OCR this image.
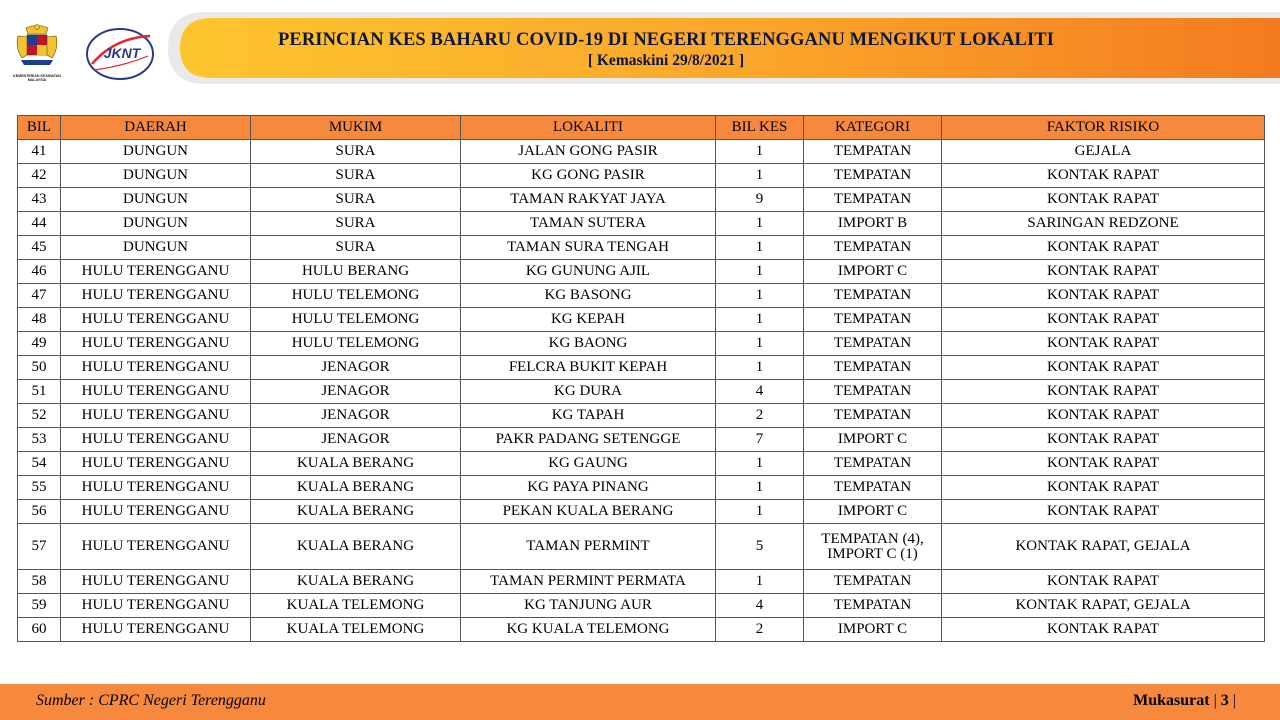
KEMENTERIAN KESIHATAN MALAYSIA
JKNT
PERINCIAN KES BAHARU COVID-19 DI NEGERI TERENGGANU MENGIKUT LOKALITI
[ Kemaskini 29/8/2021 ]
BIL	DAERAH	MUKIM	LOKALITI	BIL KES	KATEGORI	FAKTOR RISIKO
41	DUNGUN	SURA	JALAN GONG PASIR	1	TEMPATAN	GEJALA
42	DUNGUN	SURA	KG GONG PASIR	1	TEMPATAN	KONTAK RAPAT
43	DUNGUN	SURA	TAMAN RAKYAT JAYA	9	TEMPATAN	KONTAK RAPAT
44	DUNGUN	SURA	TAMAN SUTERA	1	IMPORT B	SARINGAN REDZONE
45	DUNGUN	SURA	TAMAN SURA TENGAH	1	TEMPATAN	KONTAK RAPAT
46	HULU TERENGGANU	HULU BERANG	KG GUNUNG AJIL	1	IMPORT C	KONTAK RAPAT
47	HULU TERENGGANU	HULU TELEMONG	KG BASONG	1	TEMPATAN	KONTAK RAPAT
48	HULU TERENGGANU	HULU TELEMONG	KG KEPAH	1	TEMPATAN	KONTAK RAPAT
49	HULU TERENGGANU	HULU TELEMONG	KG BAONG	1	TEMPATAN	KONTAK RAPAT
50	HULU TERENGGANU	JENAGOR	FELCRA BUKIT KEPAH	1	TEMPATAN	KONTAK RAPAT
51	HULU TERENGGANU	JENAGOR	KG DURA	4	TEMPATAN	KONTAK RAPAT
52	HULU TERENGGANU	JENAGOR	KG TAPAH	2	TEMPATAN	KONTAK RAPAT
53	HULU TERENGGANU	JENAGOR	PAKR PADANG SETENGGE	7	IMPORT C	KONTAK RAPAT
54	HULU TERENGGANU	KUALA BERANG	KG GAUNG	1	TEMPATAN	KONTAK RAPAT
55	HULU TERENGGANU	KUALA BERANG	KG PAYA PINANG	1	TEMPATAN	KONTAK RAPAT
56	HULU TERENGGANU	KUALA BERANG	PEKAN KUALA BERANG	1	IMPORT C	KONTAK RAPAT
57	HULU TERENGGANU	KUALA BERANG	TAMAN PERMINT	5	TEMPATAN (4),
IMPORT C (1)	KONTAK RAPAT, GEJALA
58	HULU TERENGGANU	KUALA BERANG	TAMAN PERMINT PERMATA	1	TEMPATAN	KONTAK RAPAT
59	HULU TERENGGANU	KUALA TELEMONG	KG TANJUNG AUR	4	TEMPATAN	KONTAK RAPAT, GEJALA
60	HULU TERENGGANU	KUALA TELEMONG	KG KUALA TELEMONG	2	IMPORT C	KONTAK RAPAT
Sumber : CPRC Negeri Terengganu	Mukasurat | 3 |
